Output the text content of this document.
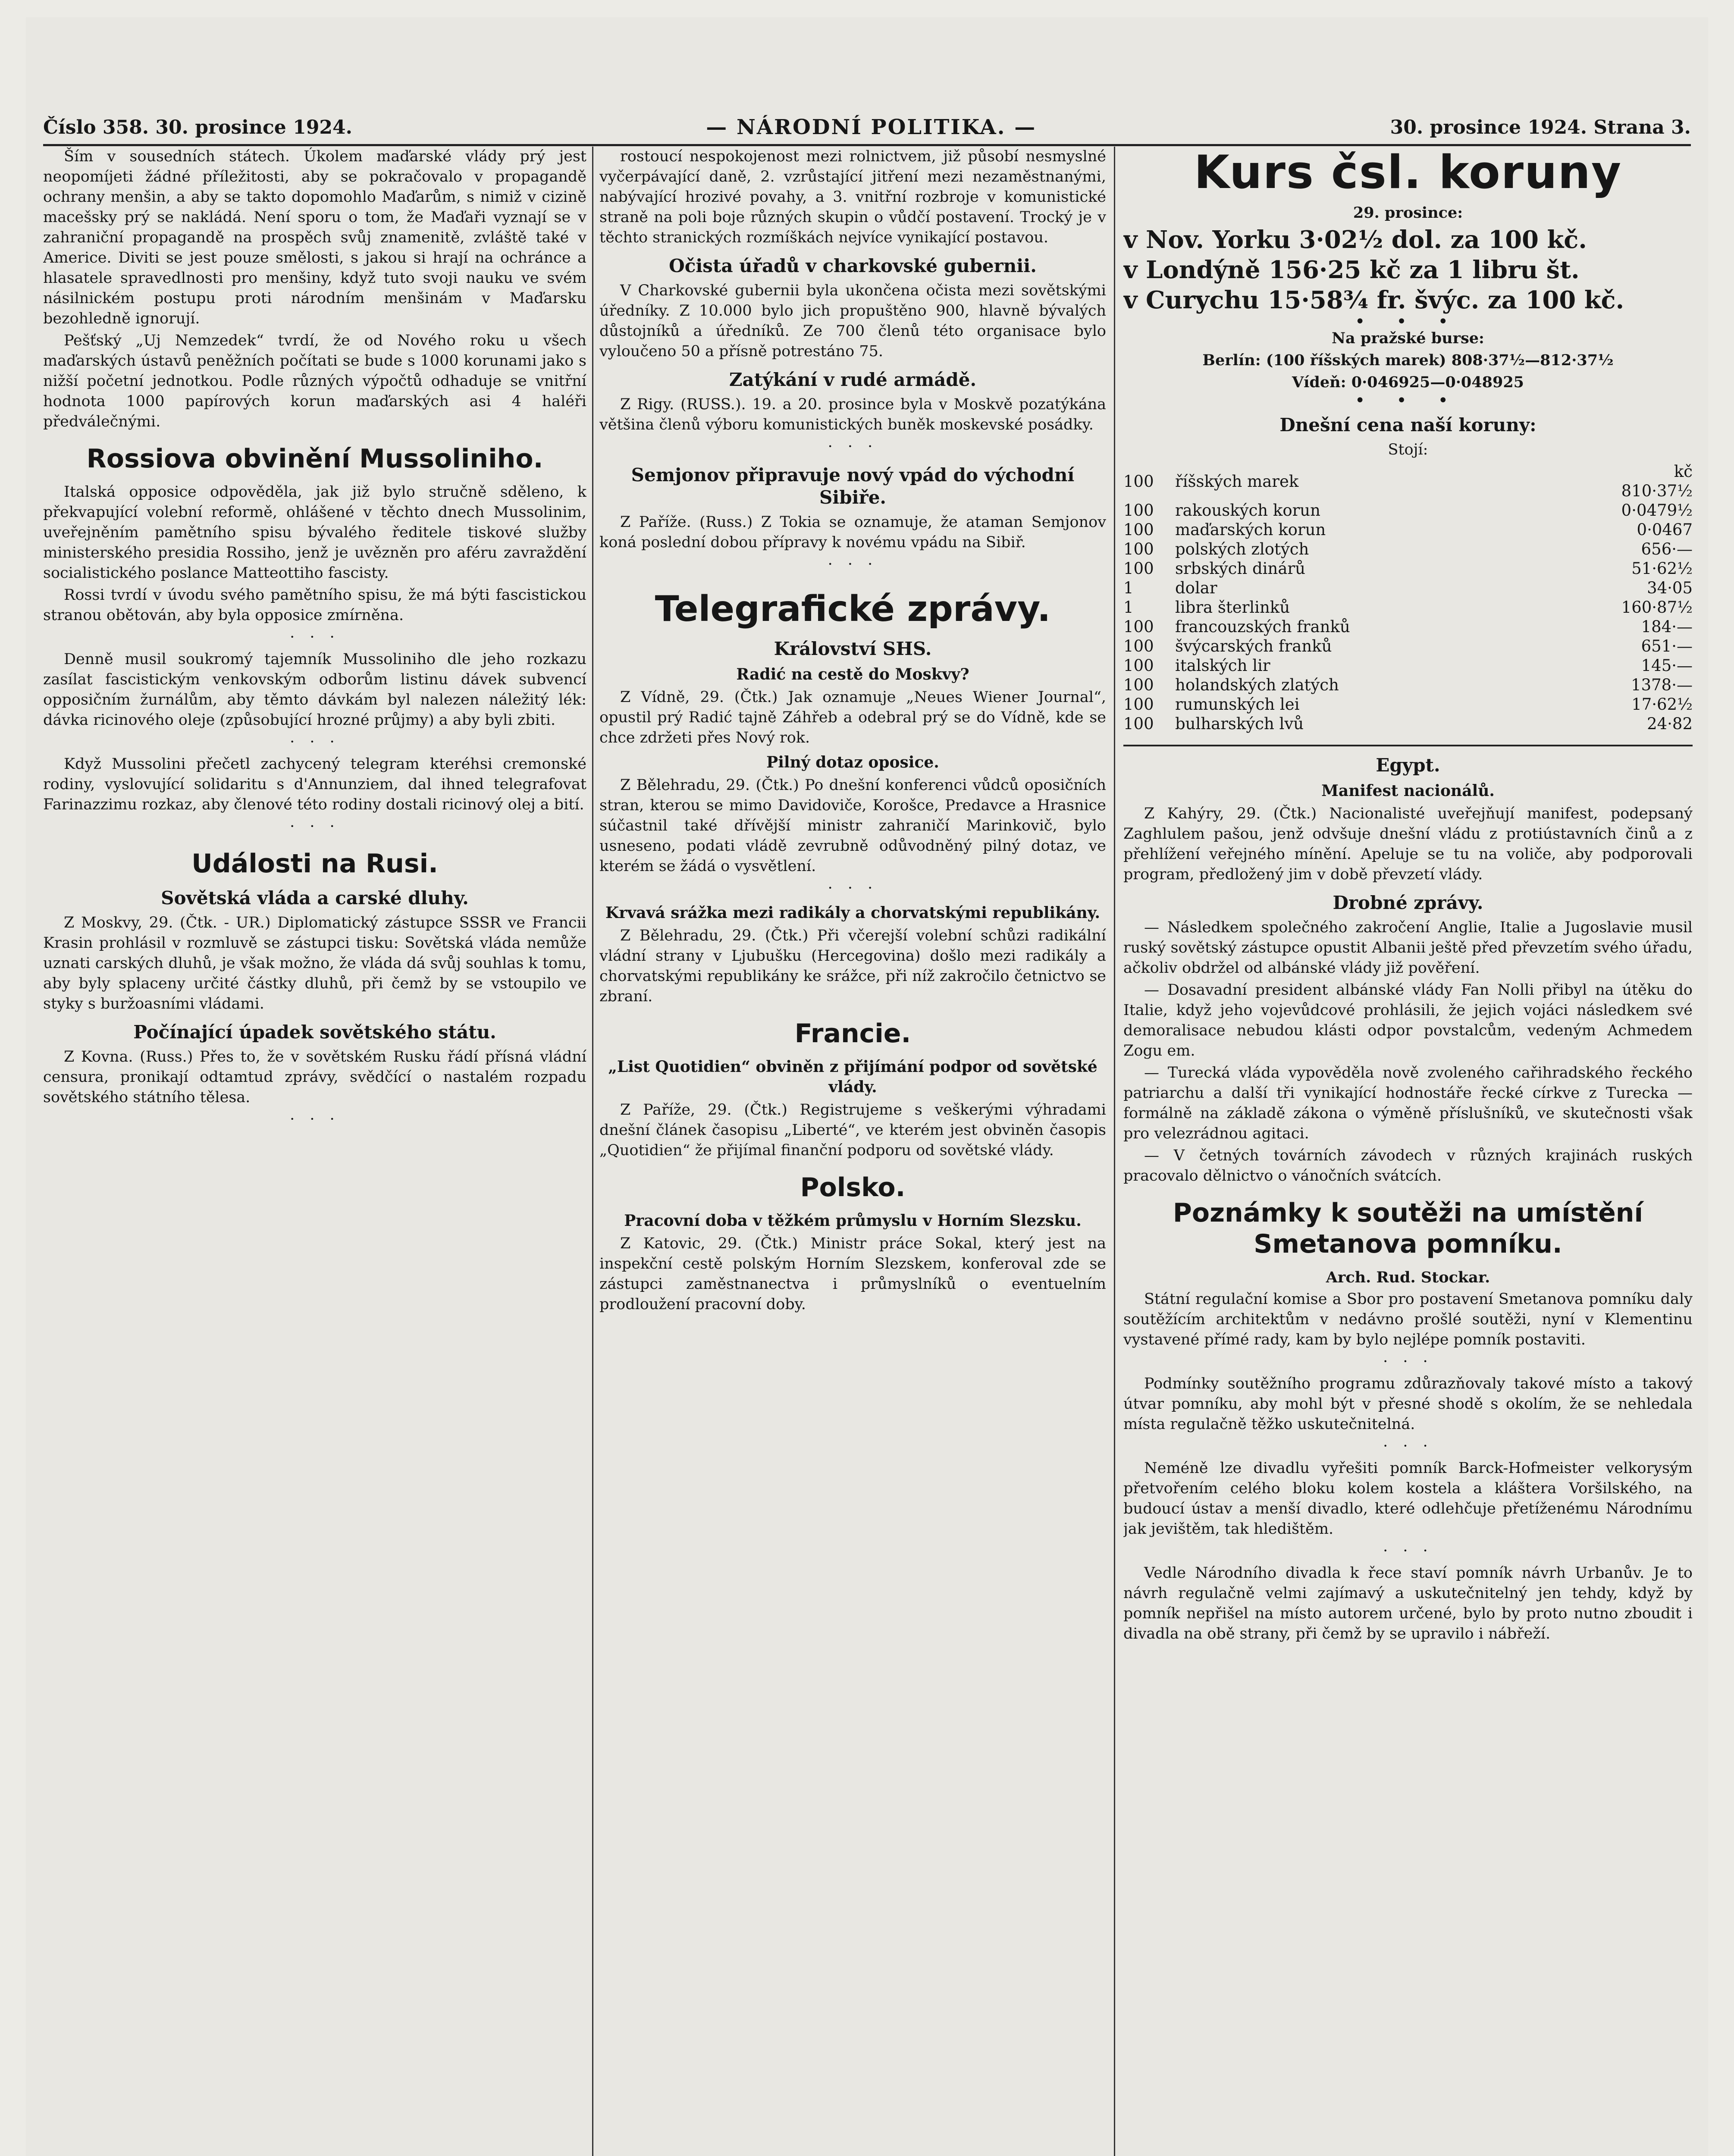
Číslo 358. 30. prosince 1924.	— NÁRODNÍ POLITIKA. —	30. prosince 1924. Strana 3.

Ším v sousedních státech. Úkolem maďarské vlády prý jest neopomíjeti žádné příležitosti, aby se pokračovalo v propagandě ochrany menšin, a aby se takto dopomohlo Maďarům, s nimiž v cizině macešsky prý se nakládá. Není sporu o tom, že Maďaři vyznají se v zahraniční propagandě na prospěch svůj znamenitě, zvláště také v Americe. Diviti se jest pouze smělosti, s jakou si hrají na ochránce a hlasatele spravedlnosti pro menšiny, když tuto svoji nauku ve svém násilnickém postupu proti národním menšinám v Maďarsku bezohledně ignorují.

Pešťský „Uj Nemzedek“ tvrdí, že od Nového roku u všech maďarských ústavů peněžních počítati se bude s 1000 korunami jako s nižší početní jednotkou. Podle různých výpočtů odhaduje se vnitřní hodnota 1000 papírových korun maďarských asi 4 haléři předválečnými.

Rossiova obvinění Mussoliniho.

Italská opposice odpověděla, jak již bylo stručně sděleno, k překvapující volební reformě, ohlášené v těchto dnech Mussolinim, uveřejněním pamětního spisu bývalého ředitele tiskové služby ministerského presidia Rossiho, jenž je uvězněn pro aféru zavraždění socialistického poslance Matteottiho fascisty.

Rossi tvrdí v úvodu svého pamětního spisu, že má býti fascistickou stranou obětován, aby byla opposice zmírněna.

· · ·

Denně musil soukromý tajemník Mussoliniho dle jeho rozkazu zasílat fascistickým venkovským odborům listinu dávek subvencí opposičním žurnálům, aby těmto dávkám byl nalezen náležitý lék: dávka ricinového oleje (způsobující hrozné průjmy) a aby byli zbiti.

· · ·

Když Mussolini přečetl zachycený telegram kteréhsi cremonské rodiny, vyslovující solidaritu s d'Annunziem, dal ihned telegrafovat Farinazzimu rozkaz, aby členové této rodiny dostali ricinový olej a bití.

· · ·

Události na Rusi.
Sovětská vláda a carské dluhy.

Z Moskvy, 29. (Čtk. - UR.) Diplomatický zástupce SSSR ve Francii Krasin prohlásil v rozmluvě se zástupci tisku: Sovětská vláda nemůže uznati carských dluhů, je však možno, že vláda dá svůj souhlas k tomu, aby byly splaceny určité částky dluhů, při čemž by se vstoupilo ve styky s buržoasními vládami.

Počínající úpadek sovětského státu.

Z Kovna. (Russ.) Přes to, že v sovětském Rusku řádí přísná vládní censura, pronikají odtamtud zprávy, svědčící o nastalém rozpadu sovětského státního tělesa.

· · ·

rostoucí nespokojenost mezi rolnictvem, již působí nesmyslné vyčerpávající daně, 2. vzrůstající jitření mezi nezaměstnanými, nabývající hrozivé povahy, a 3. vnitřní rozbroje v komunistické straně na poli boje různých skupin o vůdčí postavení. Trocký je v těchto stranických rozmíškách nejvíce vynikající postavou.

Očista úřadů v charkovské gubernii.

V Charkovské gubernii byla ukončena očista mezi sovětskými úředníky. Z 10.000 bylo jich propuštěno 900, hlavně bývalých důstojníků a úředníků. Ze 700 členů této organisace bylo vyloučeno 50 a přísně potrestáno 75.

Zatýkání v rudé armádě.

Z Rigy. (RUSS.). 19. a 20. prosince byla v Moskvě pozatýkána většina členů výboru komunistických buněk moskevské posádky.

· · ·

Semjonov připravuje nový vpád do východní Sibiře.

Z Paříže. (Russ.) Z Tokia se oznamuje, že ataman Semjonov koná poslední dobou přípravy k novému vpádu na Sibiř.

· · ·

Telegrafické zprávy.
Království SHS.
Radić na cestě do Moskvy?

Z Vídně, 29. (Čtk.) Jak oznamuje „Neues Wiener Journal“, opustil prý Radić tajně Záhřeb a odebral prý se do Vídně, kde se chce zdržeti přes Nový rok.

Pilný dotaz oposice.

Z Bělehradu, 29. (Čtk.) Po dnešní konferenci vůdců oposičních stran, kterou se mimo Davidoviče, Korošce, Predavce a Hrasnice súčastnil také dřívější ministr zahraničí Marinkovič, bylo usneseno, podati vládě zevrubně odůvodněný pilný dotaz, ve kterém se žádá o vysvětlení.

· · ·

Krvavá srážka mezi radikály a chorvatskými republikány.

Z Bělehradu, 29. (Čtk.) Při včerejší volební schůzi radikální vládní strany v Ljubušku (Hercegovina) došlo mezi radikály a chorvatskými republikány ke srážce, při níž zakročilo četnictvo se zbraní.

Francie.
„List Quotidien“ obviněn z přijímání podpor od sovětské vlády.

Z Paříže, 29. (Čtk.) Registrujeme s veškerými výhradami dnešní článek časopisu „Liberté“, ve kterém jest obviněn časopis „Quotidien“ že přijímal finanční podporu od sovětské vlády.

Polsko.
Pracovní doba v těžkém průmyslu v Horním Slezsku.

Z Katovic, 29. (Čtk.) Ministr práce Sokal, který jest na inspekční cestě polským Horním Slezskem, konferoval zde se zástupci zaměstnanectva i průmyslníků o eventuelním prodloužení pracovní doby.

Kurs čsl. koruny

29. prosince:

v Nov. Yorku 3·02½ dol. za 100 kč.
v Londýně 156·25 kč za 1 libru št.
v Curychu 15·58¾ fr. švýc. za 100 kč.
• • •

Na pražské burse:

Berlín: (100 říšských marek) 808·37½—812·37½

Vídeň: 0·046925—0·048925

• • •
Dnešní cena naší koruny:

Stojí:

100	říšských marek	kč 810·37½
100	rakouských korun	0·0479½
100	maďarských korun	0·0467
100	polských zlotých	656·—
100	srbských dinárů	51·62½
1	dolar	34·05
1	libra šterlinků	160·87½
100	francouzských franků	184·—
100	švýcarských franků	651·—
100	italských lir	145·—
100	holandských zlatých	1378·—
100	rumunských lei	17·62½
100	bulharských lvů	24·82
Egypt.
Manifest nacionálů.

Z Kahýry, 29. (Čtk.) Nacionalisté uveřejňují manifest, podepsaný Zaghlulem pašou, jenž odvšuje dnešní vládu z protiústavních činů a z přehlížení veřejného mínění. Apeluje se tu na voliče, aby podporovali program, předložený jim v době převzetí vlády.

Drobné zprávy.

— Následkem společného zakročení Anglie, Italie a Jugoslavie musil ruský sovětský zástupce opustit Albanii ještě před převzetím svého úřadu, ačkoliv obdržel od albánské vlády již pověření.

— Dosavadní president albánské vlády Fan Nolli přibyl na útěku do Italie, když jeho vojevůdcové prohlásili, že jejich vojáci následkem své demoralisace nebudou klásti odpor povstalcům, vedeným Achmedem Zogu em.

— Turecká vláda vypověděla nově zvoleného cařihradského řeckého patriarchu a další tři vynikající hodnostáře řecké církve z Turecka — formálně na základě zákona o výměně příslušníků, ve skutečnosti však pro velezrádnou agitaci.

— V četných továrních závodech v různých krajinách ruských pracovalo dělnictvo o vánočních svátcích.

Poznámky k soutěži na umístění Smetanova pomníku.

Arch. Rud. Stockar.

Státní regulační komise a Sbor pro postavení Smetanova pomníku daly soutěžícím architektům v nedávno prošlé soutěži, nyní v Klementinu vystavené přímé rady, kam by bylo nejlépe pomník postaviti.

· · ·

Podmínky soutěžního programu zdůrazňovaly takové místo a takový útvar pomníku, aby mohl být v přesné shodě s okolím, že se nehledala místa regulačně těžko uskutečnitelná.

· · ·

Neméně lze divadlu vyřešiti pomník Barck-Hofmeister velkorysým přetvořením celého bloku kolem kostela a kláštera Voršilského, na budoucí ústav a menší divadlo, které odlehčuje přetíženému Národnímu jak jevištěm, tak hledištěm.

· · ·

Vedle Národního divadla k řece staví pomník návrh Urbanův. Je to návrh regulačně velmi zajímavý a uskutečnitelný jen tehdy, když by pomník nepřišel na místo autorem určené, bylo by proto nutno zboudit i divadla na obě strany, při čemž by se upravilo i nábřeží.
